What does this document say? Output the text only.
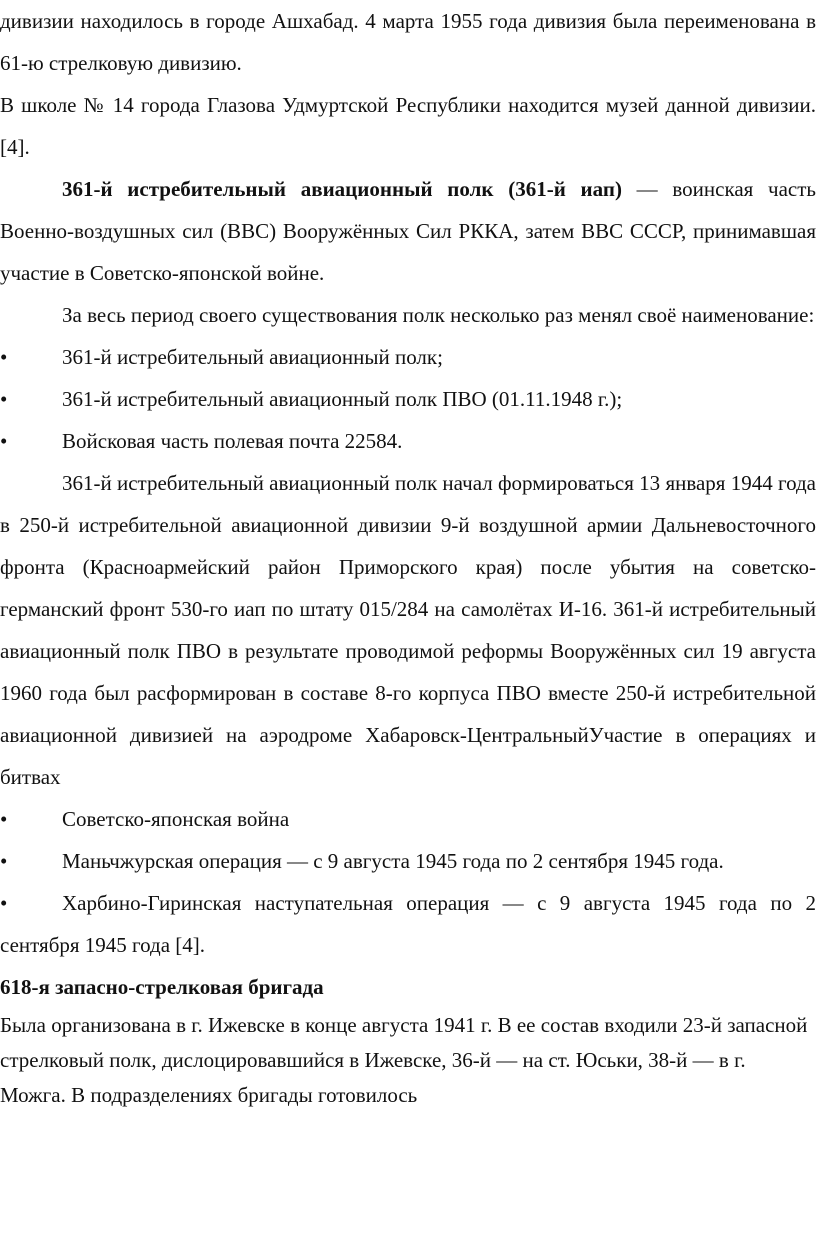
дивизии находилось в городе Ашхабад. 4 марта 1955 года дивизия была переименована в 61-ю стрелковую дивизию.

В школе № 14 города Глазова Удмуртской Республики находится музей данной дивизии.[4].

361-й истребительный авиационный полк (361-й иап) — воинская часть Военно-воздушных сил (ВВС) Вооружённых Сил РККА, затем ВВС СССР, принимавшая участие в Советско-японской войне.

За весь период своего существования полк несколько раз менял своё наименование:

•	361-й истребительный авиационный полк;

•	361-й истребительный авиационный полк ПВО (01.11.1948 г.);

•	Войсковая часть полевая почта 22584.

361-й истребительный авиационный полк начал формироваться 13 января 1944 года в 250-й истребительной авиационной дивизии 9-й воздушной армии Дальневосточного фронта (Красноармейский район Приморского края) после убытия на советско-германский фронт 530-го иап по штату 015/284 на самолётах И-16. 361-й истребительный авиационный полк ПВО в результате проводимой реформы Вооружённых сил 19 августа 1960 года был расформирован в составе 8-го корпуса ПВО вместе 250-й истребительной авиационной дивизией на аэродроме Хабаровск-ЦентральныйУчастие в операциях и битвах

•	Советско-японская война

•	Маньчжурская операция — с 9 августа 1945 года по 2 сентября 1945 года.

•	Харбино-Гиринская наступательная операция — с 9 августа 1945 года по 2 сентября 1945 года [4].

618-я запасно-стрелковая бригада

Была организована в г. Ижевске в конце августа 1941 г. В ее состав входили 23-й запасной стрелковый полк, дислоцировавшийся в Ижевске, 36-й — на ст. Юськи, 38-й — в г. Можга. В подразделениях бригады готовилось
